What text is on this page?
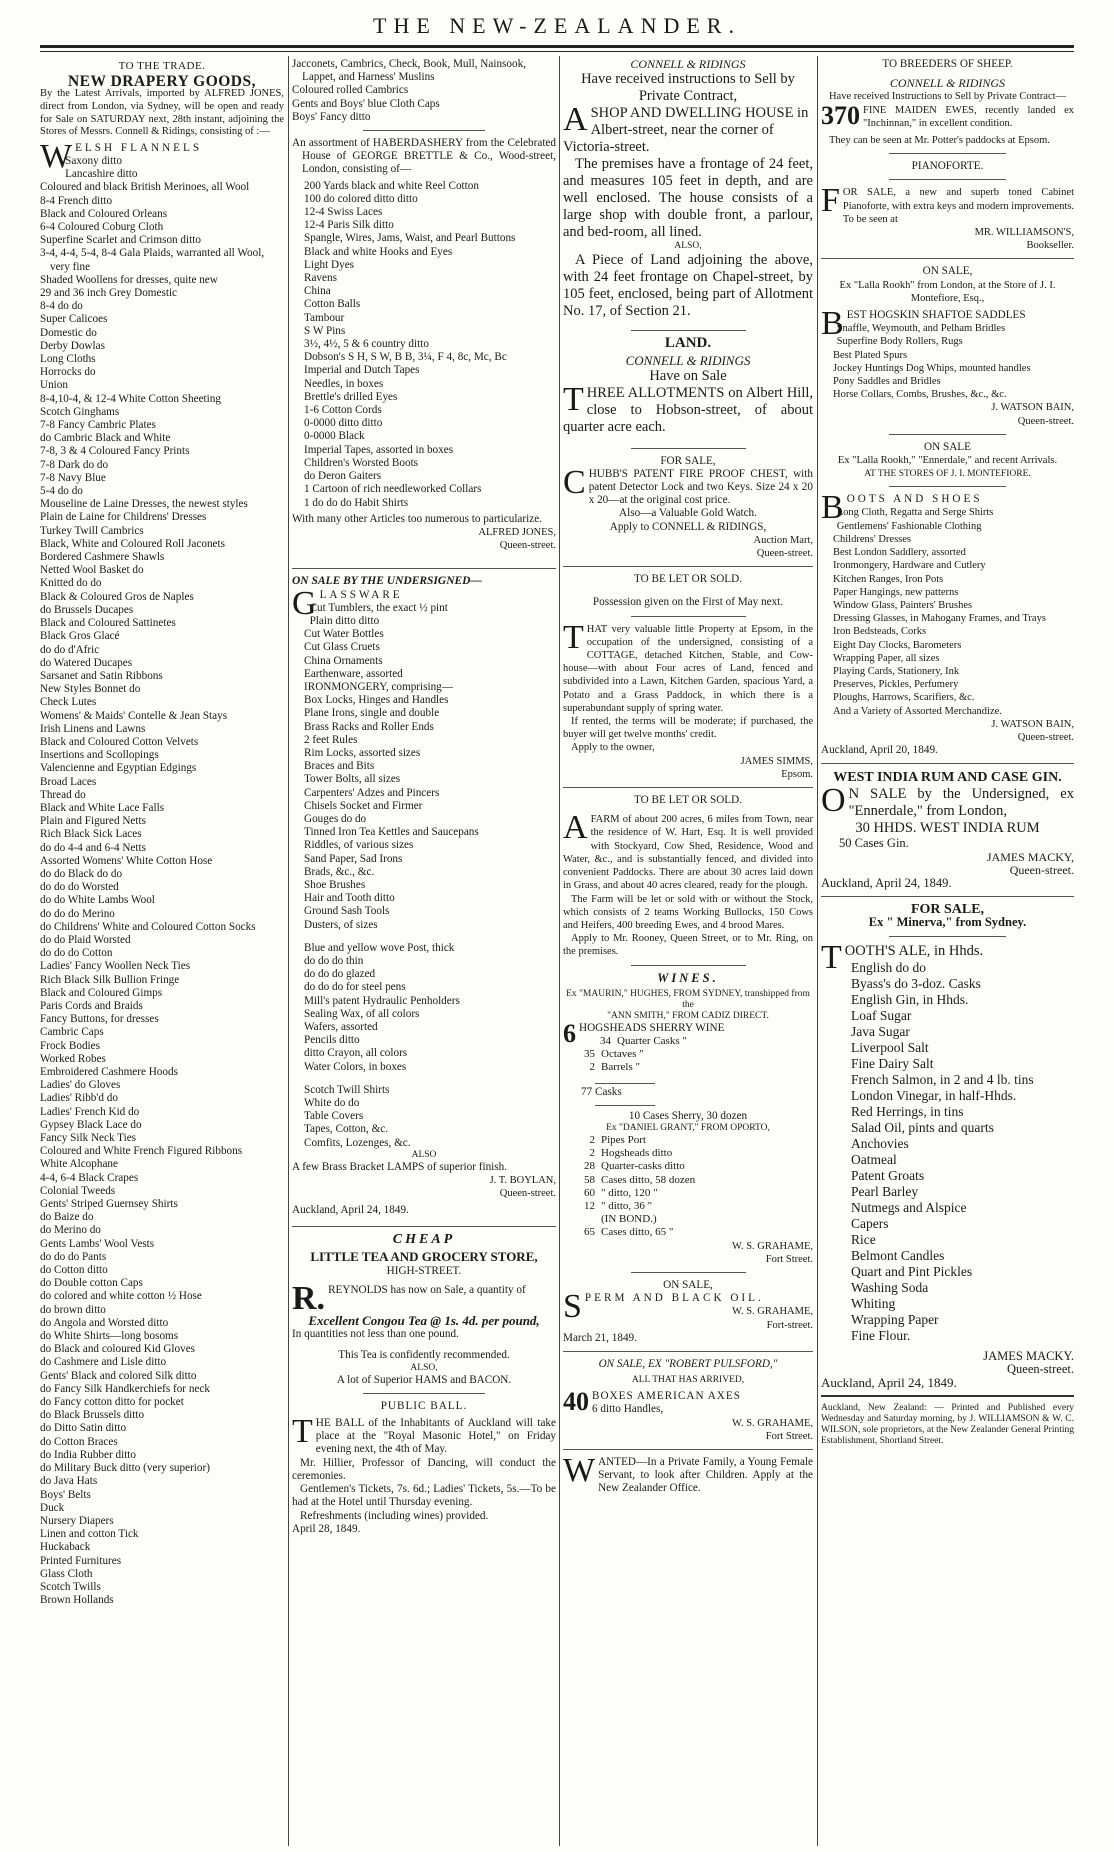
THE NEW-ZEALANDER.
TO THE TRADE.
NEW DRAPERY GOODS,
By the Latest Arrivals, imported by ALFRED JONES, direct from London, via Sydney, will be open and ready for Sale on SATURDAY next, 28th instant, adjoining the Stores of Messrs. Connell & Ridings, consisting of :—
WELSH FLANNELS
Saxony ditto
Lancashire ditto
Coloured and black British Merinoes, all Wool
8-4 French ditto
Black and Coloured Orleans
6-4 Coloured Coburg Cloth
Superfine Scarlet and Crimson ditto
3-4, 4-4, 5-4, 8-4 Gala Plaids, warranted all Wool, very fine
Shaded Woollens for dresses, quite new
29 and 36 inch Grey Domestic
8-4 do do
Super Calicoes
Domestic do
Derby Dowlas
Long Cloths
Horrocks do
Union
8-4,10-4, & 12-4 White Cotton Sheeting
Scotch Ginghams
7-8 Fancy Cambric Plates
do Cambric Black and White
7-8, 3 & 4 Coloured Fancy Prints
7-8 Dark do do
7-8 Navy Blue
5-4 do do
Mouseline de Laine Dresses, the newest styles
Plain de Laine for Childrens' Dresses
Turkey Twill Cambrics
Black, White and Coloured Roll Jaconets
Bordered Cashmere Shawls
Netted Wool Basket do
Knitted do do
Black & Coloured Gros de Naples
do Brussels Ducapes
Black and Coloured Sattinetes
Black Gros Glacé
do do d'Afric
do Watered Ducapes
Sarsanet and Satin Ribbons
New Styles Bonnet do
Check Lutes
Womens' & Maids' Contelle & Jean Stays
Irish Linens and Lawns
Black and Coloured Cotton Velvets
Insertions and Scollopings
Valencienne and Egyptian Edgings
Broad Laces
Thread do
Black and White Lace Falls
Plain and Figured Netts
Rich Black Sick Laces
do do 4-4 and 6-4 Netts
Assorted Womens' White Cotton Hose
do do Black do do
do do do Worsted
do do White Lambs Wool
do do do Merino
do Childrens' White and Coloured Cotton Socks
do do Plaid Worsted
do do do Cotton
Ladies' Fancy Woollen Neck Ties
Rich Black Silk Bullion Fringe
Black and Coloured Gimps
Paris Cords and Braids
Fancy Buttons, for dresses
Cambric Caps
Frock Bodies
Worked Robes
Embroidered Cashmere Hoods
Ladies' do Gloves
Ladies' Ribb'd do
Ladies' French Kid do
Gypsey Black Lace do
Fancy Silk Neck Ties
Coloured and White French Figured Ribbons
White Alcophane
4-4, 6-4 Black Crapes
Colonial Tweeds
Gents' Striped Guernsey Shirts
do Baize do
do Merino do
Gents Lambs' Wool Vests
do do do Pants
do Cotton ditto
do Double cotton Caps
do colored and white cotton ½ Hose
do brown ditto
do Angola and Worsted ditto
do White Shirts—long bosoms
do Black and coloured Kid Gloves
do Cashmere and Lisle ditto
Gents' Black and colored Silk ditto
do Fancy Silk Handkerchiefs for neck
do Fancy cotton ditto for pocket
do Black Brussels ditto
do Ditto Satin ditto
do Cotton Braces
do India Rubber ditto
do Military Buck ditto (very superior)
do Java Hats
Boys' Belts
Duck
Nursery Diapers
Linen and cotton Tick
Huckaback
Printed Furnitures
Glass Cloth
Scotch Twills
Brown Hollands
Jacconets, Cambrics, Check, Book, Mull, Nainsook, Lappet, and Harness' Muslins
Coloured rolled Cambrics
Gents and Boys' blue Cloth Caps
Boys' Fancy ditto
An assortment of HABERDASHERY from the Celebrated House of GEORGE BRETTLE & Co., Wood-street, London, consisting of—
200 Yards black and white Reel Cotton
100 do colored ditto ditto
12-4 Swiss Laces
12-4 Paris Silk ditto
Spangle, Wires, Jams, Waist, and Pearl Buttons
Black and white Hooks and Eyes
Light Dyes
Ravens
China
Cotton Balls
Tambour
S W Pins
3½, 4½, 5 & 6 country ditto
Dobson's S H, S W, B B, 3¼, F 4, 8c, Mc, Bc
Imperial and Dutch Tapes
Needles, in boxes
Brettle's drilled Eyes
1-6 Cotton Cords
0-0000 ditto ditto
0-0000 Black
Imperial Tapes, assorted in boxes
Children's Worsted Boots
do Deron Gaiters
1 Cartoon of rich needleworked Collars
1 do do do Habit Shirts
With many other Articles too numerous to particularize.
ALFRED JONES,
Queen-street.
ON SALE BY THE UNDERSIGNED—
GLASSWARE
Cut Tumblers, the exact ½ pint
Plain ditto ditto
Cut Water Bottles
Cut Glass Cruets
China Ornaments
Earthenware, assorted
IRONMONGERY, comprising—
Box Locks, Hinges and Handles
Plane Irons, single and double
Brass Racks and Roller Ends
2 feet Rules
Rim Locks, assorted sizes
Braces and Bits
Tower Bolts, all sizes
Carpenters' Adzes and Pincers
Chisels Socket and Firmer
Gouges do do
Tinned Iron Tea Kettles and Saucepans
Riddles, of various sizes
Sand Paper, Sad Irons
Brads, &c., &c.
Shoe Brushes
Hair and Tooth ditto
Ground Sash Tools
Dusters, of sizes
Blue and yellow wove Post, thick
do do do thin
do do do glazed
do do do for steel pens
Mill's patent Hydraulic Penholders
Sealing Wax, of all colors
Wafers, assorted
Pencils ditto
ditto Crayon, all colors
Water Colors, in boxes
Scotch Twill Shirts
White do do
Table Covers
Tapes, Cotton, &c.
Comfits, Lozenges, &c.
ALSO
A few Brass Bracket LAMPS of superior finish.
J. T. BOYLAN,
Queen-street.
Auckland, April 24, 1849.
CHEAP
LITTLE TEA AND GROCERY STORE,
HIGH-STREET.
R. REYNOLDS has now on Sale, a quantity of
Excellent Congou Tea @ 1s. 4d. per pound,
In quantities not less than one pound.
This Tea is confidently recommended.
ALSO,
A lot of Superior HAMS and BACON.
PUBLIC BALL.
THE BALL of the Inhabitants of Auckland will take place at the "Royal Masonic Hotel," on Friday evening next, the 4th of May.
Mr. Hillier, Professor of Dancing, will conduct the ceremonies.
Gentlemen's Tickets, 7s. 6d.; Ladies' Tickets, 5s.—To be had at the Hotel until Thursday evening.
Refreshments (including wines) provided.
April 28, 1849.
CONNELL & RIDINGS
Have received instructions to Sell by Private Contract,
ASHOP AND DWELLING HOUSE in Albert-street, near the corner of Victoria-street.
The premises have a frontage of 24 feet, and measures 105 feet in depth, and are well enclosed. The house consists of a large shop with double front, a parlour, and bed-room, all lined.
ALSO,
A Piece of Land adjoining the above, with 24 feet frontage on Chapel-street, by 105 feet, enclosed, being part of Allotment No. 17, of Section 21.
LAND.
CONNELL & RIDINGS
Have on Sale
THREE ALLOTMENTS on Albert Hill, close to Hobson-street, of about quarter acre each.
FOR SALE,
CHUBB'S PATENT FIRE PROOF CHEST, with patent Detector Lock and two Keys. Size 24 x 20 x 20—at the original cost price.
Also—a Valuable Gold Watch.
Apply to CONNELL & RIDINGS,
Auction Mart,
Queen-street.
TO BE LET OR SOLD.
Possession given on the First of May next.
THAT very valuable little Property at Epsom, in the occupation of the undersigned, consisting of a COTTAGE, detached Kitchen, Stable, and Cow-house—with about Four acres of Land, fenced and subdivided into a Lawn, Kitchen Garden, spacious Yard, a Potato and a Grass Paddock, in which there is a superabundant supply of spring water.
If rented, the terms will be moderate; if purchased, the buyer will get twelve months' credit.
Apply to the owner,
JAMES SIMMS,
Epsom.
TO BE LET OR SOLD.
AFARM of about 200 acres, 6 miles from Town, near the residence of W. Hart, Esq. It is well provided with Stockyard, Cow Shed, Residence, Wood and Water, &c., and is substantially fenced, and divided into convenient Paddocks. There are about 30 acres laid down in Grass, and about 40 acres cleared, ready for the plough.
The Farm will be let or sold with or without the Stock, which consists of 2 teams Working Bullocks, 150 Cows and Heifers, 400 breeding Ewes, and 4 brood Mares.
Apply to Mr. Rooney, Queen Street, or to Mr. Ring, on the premises.
WINES.
Ex "MAURIN," HUGHES, FROM SYDNEY, transhipped from the
"ANN SMITH," FROM CADIZ DIRECT.
6 HOGSHEADS SHERRY WINE
34 Quarter Casks "
35 Octaves "
2 Barrels "
77 Casks
10 Cases Sherry, 30 dozen
Ex "DANIEL GRANT," FROM OPORTO,
2 Pipes Port
2 Hogsheads ditto
28 Quarter-casks ditto
58 Cases ditto, 58 dozen
60 " ditto, 120 "
12 " ditto, 36 "
(IN BOND.)
65 Cases ditto, 65 "
W. S. GRAHAME,
Fort Street.
ON SALE,
SPERM AND BLACK OIL.
W. S. GRAHAME,
Fort-street.
March 21, 1849.
ON SALE, EX "ROBERT PULSFORD,"
ALL THAT HAS ARRIVED,
40 BOXES AMERICAN AXES
6 ditto Handles,
W. S. GRAHAME,
Fort Street.
WANTED—In a Private Family, a Young Female Servant, to look after Children. Apply at the New Zealander Office.
TO BREEDERS OF SHEEP.
CONNELL & RIDINGS
Have received Instructions to Sell by Private Contract—
370 FINE MAIDEN EWES, recently landed ex "Inchinnan," in excellent condition.
They can be seen at Mr. Potter's paddocks at Epsom.
PIANOFORTE.
FOR SALE, a new and superb toned Cabinet Pianoforte, with extra keys and modern improvements. To be seen at
MR. WILLIAMSON'S,
Bookseller.
ON SALE,
Ex "Lalla Rookh" from London, at the Store of J. I. Montefiore, Esq.,
BEST HOGSKIN SHAFTOE SADDLES
Snaffle, Weymouth, and Pelham Bridles
Superfine Body Rollers, Rugs
Best Plated Spurs
Jockey Huntings Dog Whips, mounted handles
Pony Saddles and Bridles
Horse Collars, Combs, Brushes, &c., &c.
J. WATSON BAIN,
Queen-street.
ON SALE
Ex "Lalla Rookh," "Ennerdale," and recent Arrivals.
AT THE STORES OF J. I. MONTEFIORE.
BOOTS AND SHOES
Long Cloth, Regatta and Serge Shirts
Gentlemens' Fashionable Clothing
Childrens' Dresses
Best London Saddlery, assorted
Ironmongery, Hardware and Cutlery
Kitchen Ranges, Iron Pots
Paper Hangings, new patterns
Window Glass, Painters' Brushes
Dressing Glasses, in Mahogany Frames, and Trays
Iron Bedsteads, Corks
Eight Day Clocks, Barometers
Wrapping Paper, all sizes
Playing Cards, Stationery, Ink
Preserves, Pickles, Perfumery
Ploughs, Harrows, Scarifiers, &c.
And a Variety of Assorted Merchandize.
J. WATSON BAIN,
Queen-street.
Auckland, April 20, 1849.
WEST INDIA RUM AND CASE GIN.
O N SALE by the Undersigned, ex "Ennerdale," from London,
30 HHDS. WEST INDIA RUM
50 Cases Gin.
JAMES MACKY,
Queen-street.
Auckland, April 24, 1849.
FOR SALE,
Ex " Minerva," from Sydney.
TOOTH'S ALE, in Hhds.
English do do
Byass's do 3-doz. Casks
English Gin, in Hhds.
Loaf Sugar
Java Sugar
Liverpool Salt
Fine Dairy Salt
French Salmon, in 2 and 4 lb. tins
London Vinegar, in half-Hhds.
Red Herrings, in tins
Salad Oil, pints and quarts
Anchovies
Oatmeal
Patent Groats
Pearl Barley
Nutmegs and Alspice
Capers
Rice
Belmont Candles
Quart and Pint Pickles
Washing Soda
Whiting
Wrapping Paper
Fine Flour.
JAMES MACKY.
Queen-street.
Auckland, April 24, 1849.
Auckland, New Zealand: — Printed and Published every Wednesday and Saturday morning, by J. WILLIAMSON & W. C. WILSON, sole proprietors, at the New Zealander General Printing Establishment, Shortland Street.
